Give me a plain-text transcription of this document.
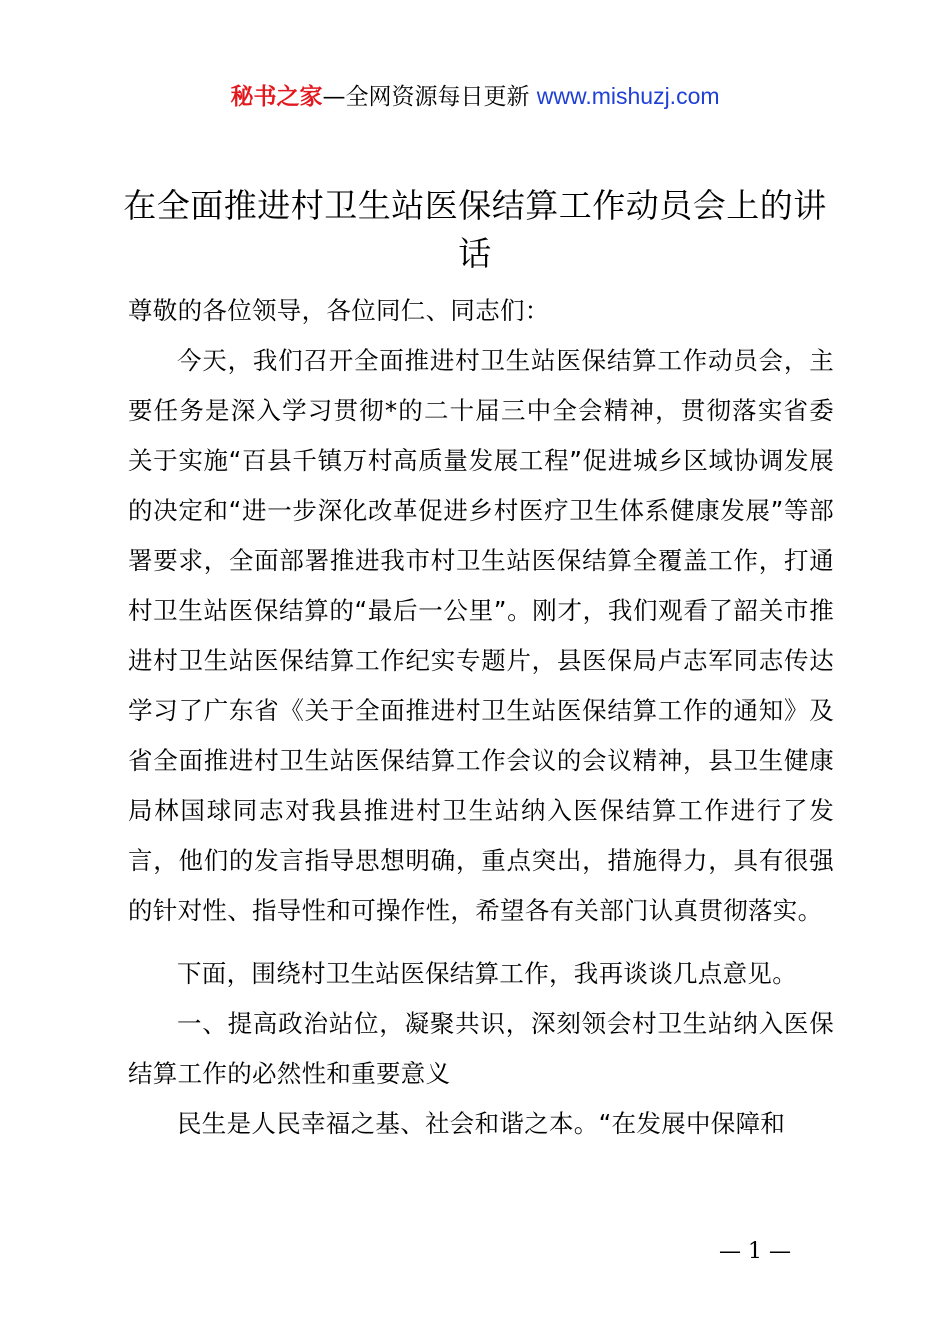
秘书之家—全网资源每日更新 www.mishuzj.com
在全面推进村卫生站医保结算工作动员会上的讲话

尊敬的各位领导，各位同仁、同志们：

今天，我们召开全面推进村卫生站医保结算工作动员会，主要任务是深入学习贯彻*的二十届三中全会精神，贯彻落实省委关于实施“百县千镇万村高质量发展工程”促进城乡区域协调发展的决定和“进一步深化改革促进乡村医疗卫生体系健康发展”等部署要求，全面部署推进我市村卫生站医保结算全覆盖工作，打通村卫生站医保结算的“最后一公里”。刚才，我们观看了韶关市推进村卫生站医保结算工作纪实专题片，县医保局卢志军同志传达学习了广东省《关于全面推进村卫生站医保结算工作的通知》及省全面推进村卫生站医保结算工作会议的会议精神，县卫生健康局林国球同志对我县推进村卫生站纳入医保结算工作进行了发言，他们的发言指导思想明确，重点突出，措施得力，具有很强的针对性、指导性和可操作性，希望各有关部门认真贯彻落实。

下面，围绕村卫生站医保结算工作，我再谈谈几点意见。

一、提高政治站位，凝聚共识，深刻领会村卫生站纳入医保结算工作的必然性和重要意义

民生是人民幸福之基、社会和谐之本。“在发展中保障和

— 1 —
